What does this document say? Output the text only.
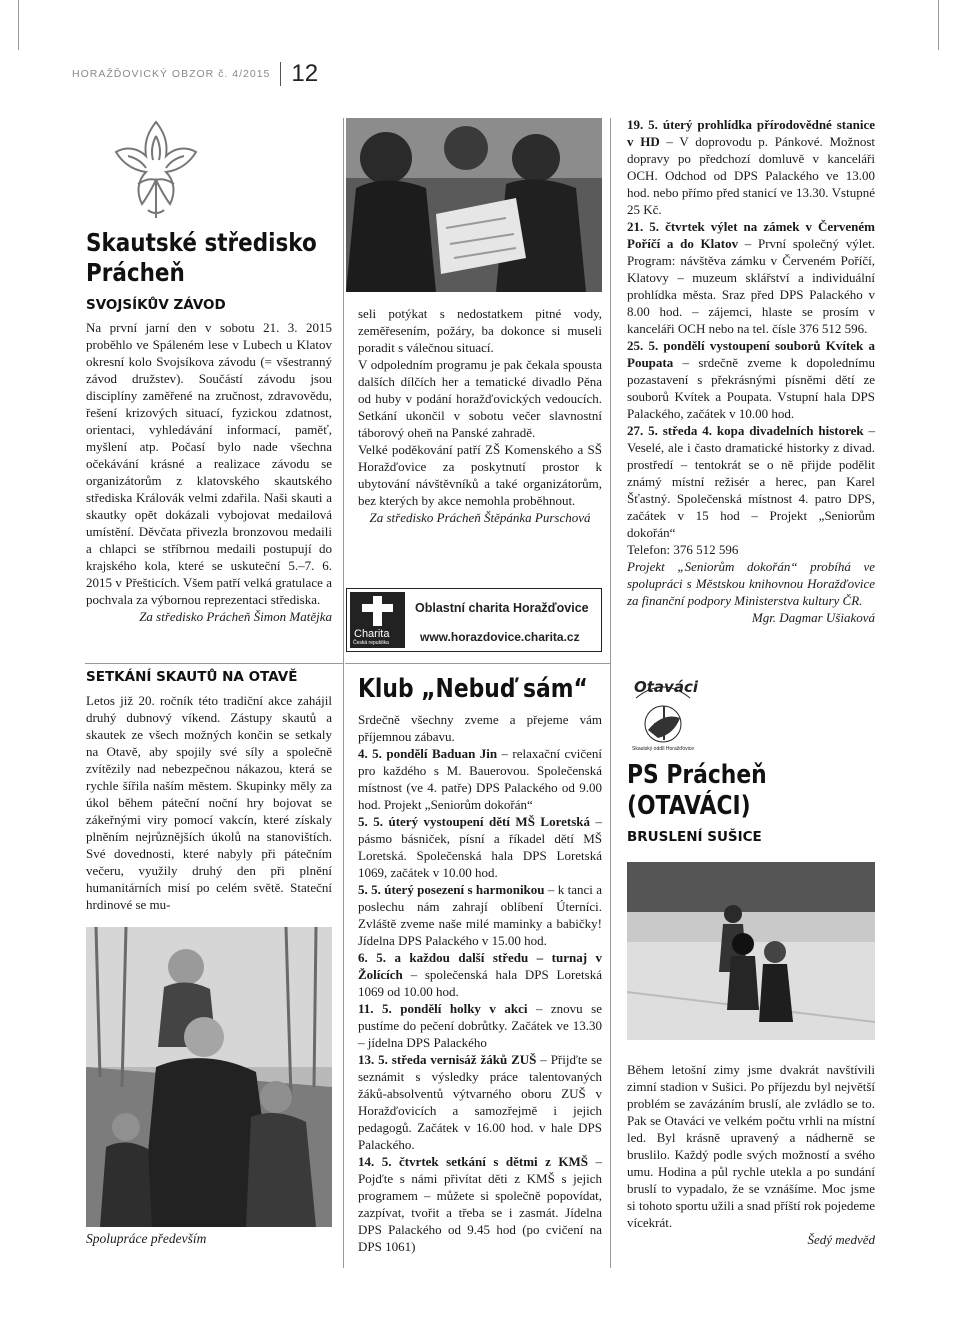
HORAŽĎOVICKÝ OBZOR č. 4/2015 12
Skautské středisko
Prácheň
SVOJSÍKŮV ZÁVOD

Na první jarní den v sobotu 21. 3. 2015 proběhlo ve Spáleném lese v Lubech u Klatov okresní kolo Svojsíkova závodu (= všestranný závod družstev). Součástí závodu jsou disciplíny zaměřené na zručnost, zdravovědu, řešení krizových situací, fyzickou zdatnost, orientaci, vyhledávání informací, paměť, myšlení atp. Počasí bylo nade všechna očekávání krásné a realizace závodu se organizátorům z klatovského skautského střediska Královák velmi zdařila. Naši skauti a skautky opět dokázali vybojovat medailová umístění. Děvčata přivezla bronzovou medaili a chlapci se stříbrnou medaili postupují do krajského kola, které se uskuteční 5.–7. 6. 2015 v Přešticích. Všem patří velká gratulace a pochvala za výbornou reprezentaci střediska.

Za středisko Prácheň Šimon Matějka

SETKÁNÍ SKAUTŮ NA OTAVĚ

Letos již 20. ročník této tradiční akce zahájil druhý dubnový víkend. Zástupy skautů a skautek ze všech možných končin se setkaly na Otavě, aby spojily své síly a společně zvítězily nad nebezpečnou nákazou, která se rychle šířila naším městem. Skupinky měly za úkol během páteční noční hry bojovat se zákeřnými viry pomocí vakcín, které získaly plněním nejrůznějších úkolů na stanovištích. Své dovednosti, které nabyly při pátečním večeru, využily druhý den při plnění humanitárních misí po celém světě. Stateční hrdinové se mu-

Spolupráce především

seli potýkat s nedostatkem pitné vody, zeměřesením, požáry, ba dokonce si museli poradit s válečnou situací.

V odpoledním programu je pak čekala spousta dalších dílčích her a tematické divadlo Pěna od huby v podání horažďovických vedoucích. Setkání ukončil v sobotu večer slavnostní táborový oheň na Panské zahradě.

Velké poděkování patří ZŠ Komenského a SŠ Horažďovice za poskytnutí prostor k ubytování návštěvníků a také organizátorům, bez kterých by akce nemohla proběhnout.

Za středisko Prácheň Štěpánka Purschová

Charita
Česká republika
Oblastní charita Horažďovice
www.horazdovice.charita.cz
Klub „Nebuď sám“

Srdečně všechny zveme a přejeme vám příjemnou zábavu.

4. 5. pondělí Baduan Jin – relaxační cvičení pro každého s M. Bauerovou. Společenská místnost (ve 4. patře) DPS Palackého od 9.00 hod. Projekt „Seniorům dokořán“

5. 5. úterý vystoupení dětí MŠ Loretská – pásmo básniček, písní a říkadel dětí MŠ Loretská. Společenská hala DPS Loretská 1069, začátek v 10.00 hod.

5. 5. úterý posezení s harmonikou – k tanci a poslechu nám zahrají oblíbení Úterníci. Zvláště zveme naše milé maminky a babičky! Jídelna DPS Palackého v 15.00 hod.

6. 5. a každou další středu – turnaj v Žolících – společenská hala DPS Loretská 1069 od 10.00 hod.

11. 5. pondělí holky v akci – znovu se pustíme do pečení dobrůtky. Začátek ve 13.30 – jídelna DPS Palackého

13. 5. středa vernisáž žáků ZUŠ – Přijďte se seznámit s výsledky práce talentovaných žáků-absolventů výtvarného oboru ZUŠ v Horažďovicích a samozřejmě i jejich pedagogů. Začátek v 16.00 hod. v hale DPS Palackého.

14. 5. čtvrtek setkání s dětmi z KMŠ – Pojďte s námi přivítat děti z KMŠ s jejich programem – můžete si společně popovídat, zazpívat, tvořit a třeba se i zasmát. Jídelna DPS Palackého od 9.45 hod (po cvičení na DPS 1061)

19. 5. úterý prohlídka přírodovědné stanice v HD – V doprovodu p. Pánkové. Možnost dopravy po předchozí domluvě v kanceláři OCH. Odchod od DPS Palackého ve 13.00 hod. nebo přímo před stanicí ve 13.30. Vstupné 25 Kč.

21. 5. čtvrtek výlet na zámek v Červeném Poříčí a do Klatov – První společný výlet. Program: návštěva zámku v Červeném Poříčí, Klatovy – muzeum sklářství a individuální prohlídka města. Sraz před DPS Palackého v 8.00 hod. – zájemci, hlaste se prosím v kanceláři OCH nebo na tel. čísle 376 512 596.

25. 5. pondělí vystoupení souborů Kvítek a Poupata – srdečně zveme k dopolednímu pozastavení s překrásnými písněmi dětí ze souborů Kvítek a Poupata. Vstupní hala DPS Palackého, začátek v 10.00 hod.

27. 5. středa 4. kopa divadelních historek – Veselé, ale i často dramatické historky z divad. prostředí – tentokrát se o ně přijde podělit známý místní režisér a herec, pan Karel Šťastný. Společenská místnost 4. patro DPS, začátek v 15 hod – Projekt „Seniorům dokořán“

Telefon: 376 512 596

Projekt „Seniorům dokořán“ probíhá ve spolupráci s Městskou knihovnou Horažďovice za finanční podpory Ministerstva kultury ČR.

Mgr. Dagmar Ušiaková

Otaváci
Skautský oddíl Horažďovice
PS Prácheň
(OTAVÁCI)
BRUSLENÍ SUŠICE

Během letošní zimy jsme dvakrát navštívili zimní stadion v Sušici. Po příjezdu byl největší problém se zavázáním bruslí, ale zvládlo se to. Pak se Otaváci ve velkém počtu vrhli na místní led. Byl krásně upravený a nádherně se bruslilo. Každý podle svých možností a svého umu. Hodina a půl rychle utekla a po sundání bruslí to vypadalo, že se vznášíme. Moc jsme si tohoto sportu užili a snad příští rok pojedeme vícekrát.

Šedý medvěd
